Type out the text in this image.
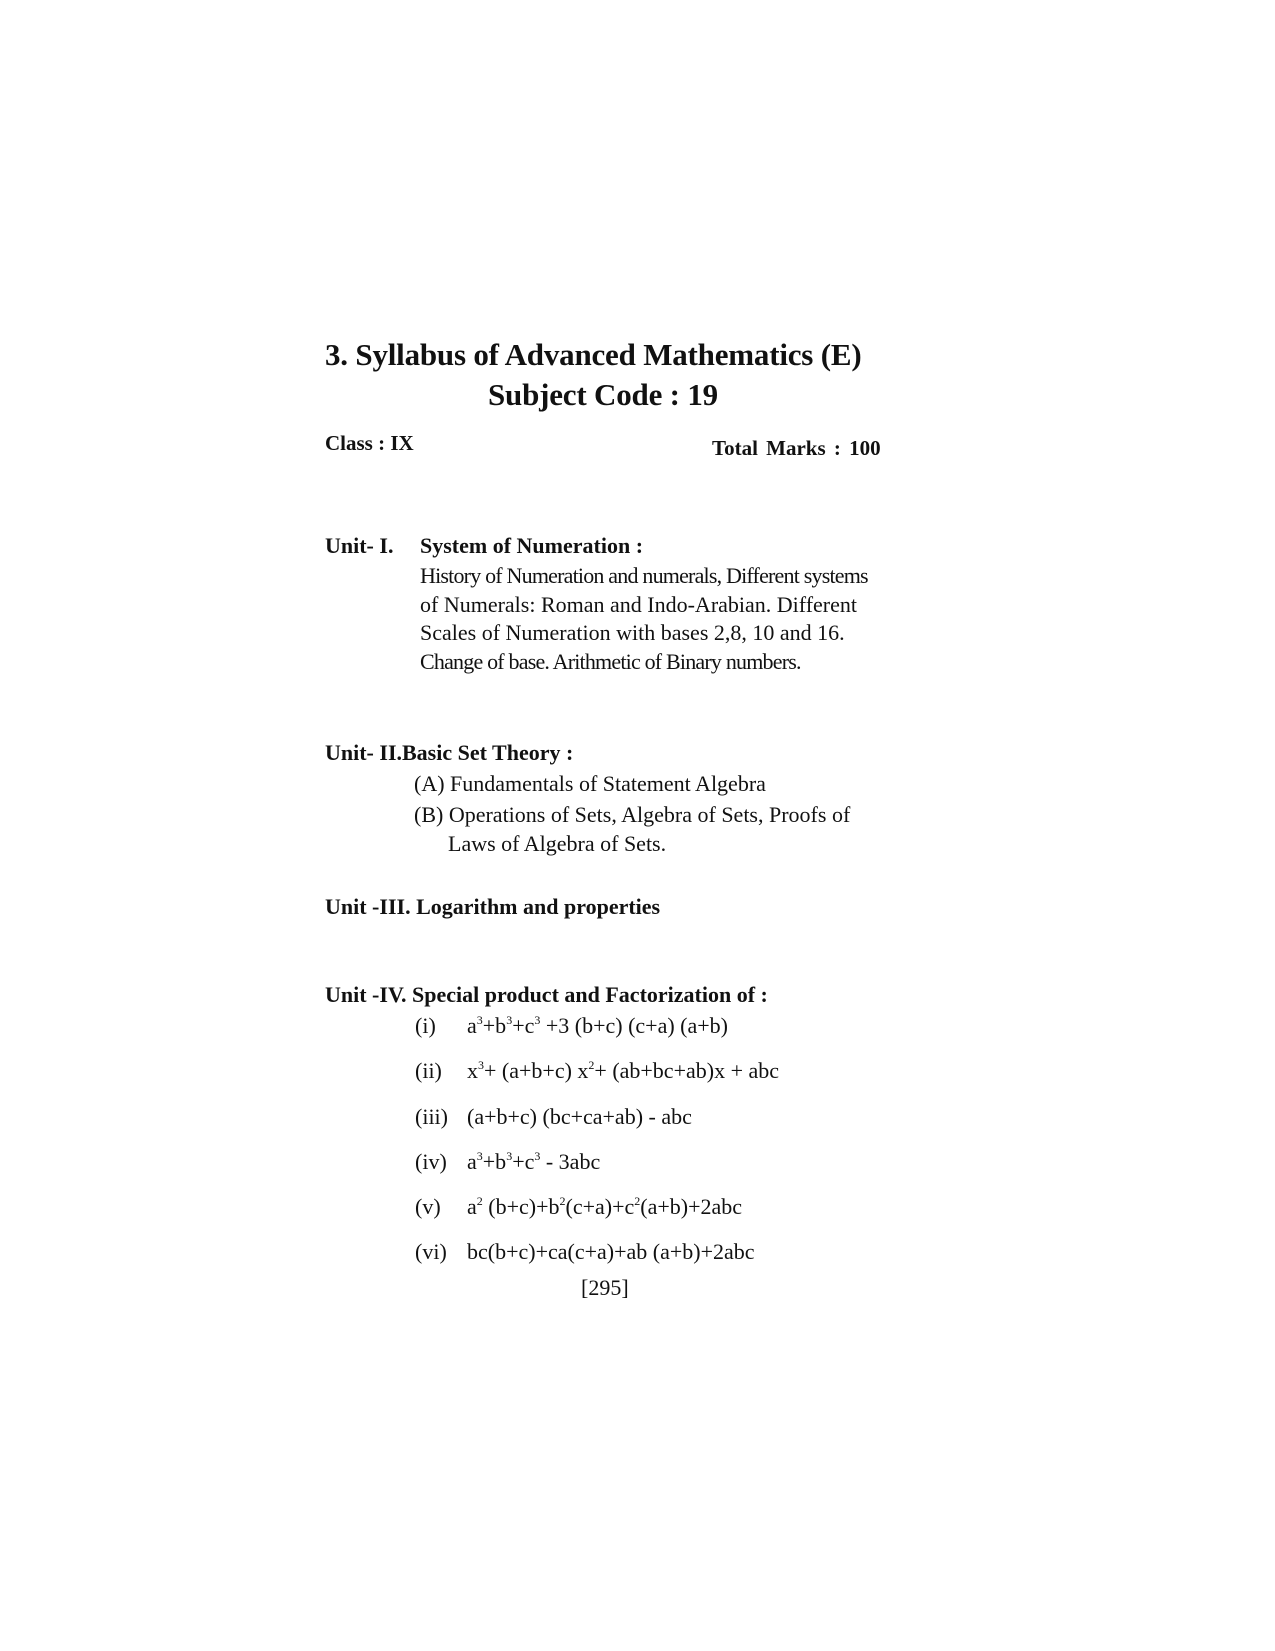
3. Syllabus of Advanced Mathematics (E)
Subject Code : 19
Class : IX	Total Marks : 100
Unit- I. System of Numeration :
History of Numeration and numerals, Different systems
of Numerals: Roman and Indo-Arabian. Different
Scales of Numeration with bases 2,8, 10 and 16.
Change of base. Arithmetic of Binary numbers.
Unit- II.Basic Set Theory :
(A) Fundamentals of Statement Algebra
(B) Operations of Sets, Algebra of Sets, Proofs of
Laws of Algebra of Sets.
Unit -III. Logarithm and properties
Unit -IV. Special product and Factorization of :
(i) $a^3+b^3+c^3 +3$ (b+c) (c+a) (a+b)
(ii) $x^3+ (a+b+c)$ $x^2+ (ab+bc+ab)x$ + abc
(iii) (a+b+c) (bc+ca+ab) - abc
(iv) $a^3+b^3+c^3 - 3abc$
(v) $a^2$ $(b+c)+b^2(c+a)+c^2(a+b)+2abc$
(vi) bc(b+c)+ca(c+a)+ab (a+b)+2abc
[295]
